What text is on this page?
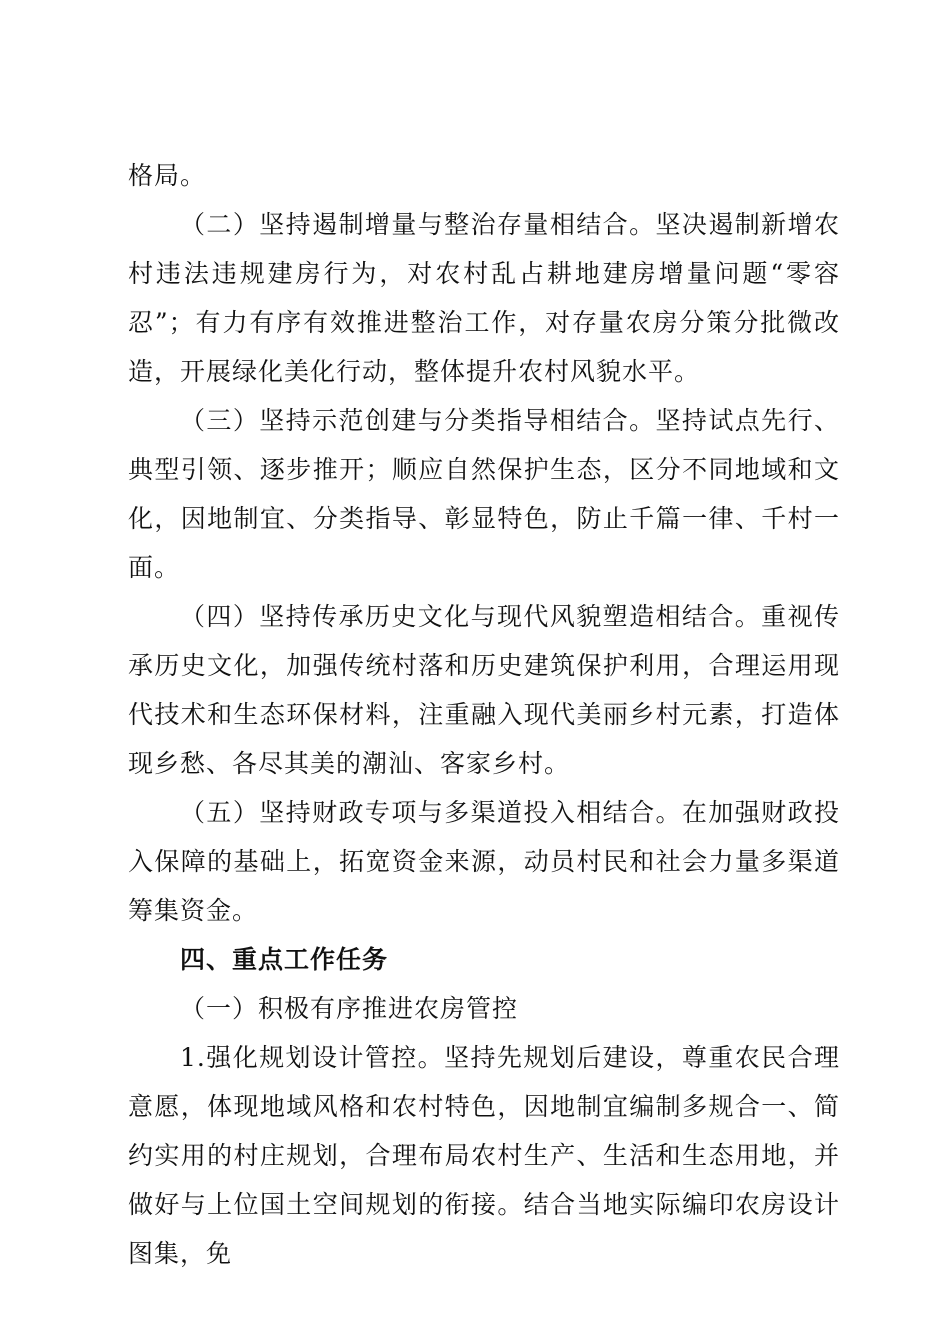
格局。

（二）坚持遏制增量与整治存量相结合。坚决遏制新增农村违法违规建房行为，对农村乱占耕地建房增量问题“零容忍”；有力有序有效推进整治工作，对存量农房分策分批微改造，开展绿化美化行动，整体提升农村风貌水平。

（三）坚持示范创建与分类指导相结合。坚持试点先行、典型引领、逐步推开；顺应自然保护生态，区分不同地域和文化，因地制宜、分类指导、彰显特色，防止千篇一律、千村一面。

（四）坚持传承历史文化与现代风貌塑造相结合。重视传承历史文化，加强传统村落和历史建筑保护利用，合理运用现代技术和生态环保材料，注重融入现代美丽乡村元素，打造体现乡愁、各尽其美的潮汕、客家乡村。

（五）坚持财政专项与多渠道投入相结合。在加强财政投入保障的基础上，拓宽资金来源，动员村民和社会力量多渠道筹集资金。

四、重点工作任务

（一）积极有序推进农房管控

1.强化规划设计管控。坚持先规划后建设，尊重农民合理意愿，体现地域风格和农村特色，因地制宜编制多规合一、简约实用的村庄规划，合理布局农村生产、生活和生态用地，并做好与上位国土空间规划的衔接。结合当地实际编印农房设计图集，免
